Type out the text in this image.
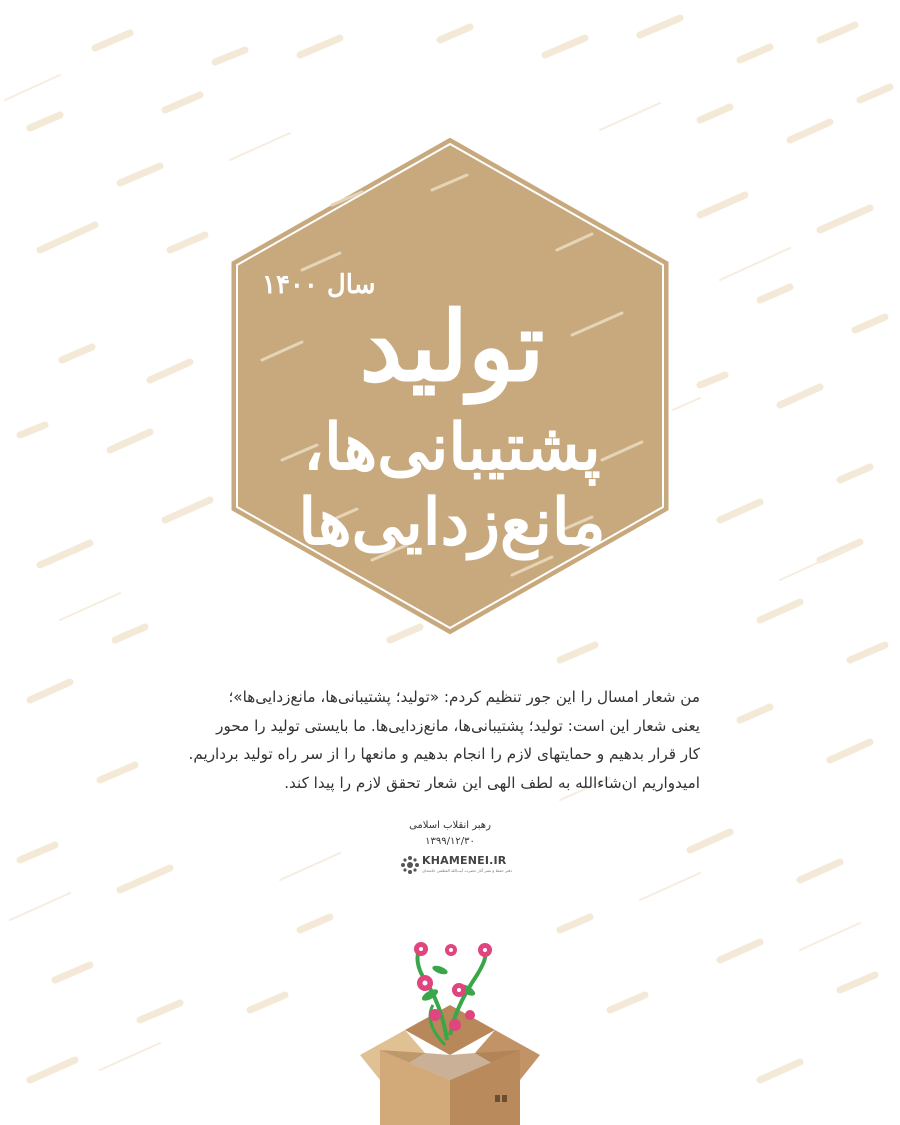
سال ۱۴۰۰
تولید
پشتیبانی‌ها، مانع‌زدایی‌ها

من شعار امسال را این جور تنظیم کردم: «تولید؛ پشتیبانی‌ها، مانع‌زدایی‌ها»؛

یعنی شعار این است: تولید؛ پشتیبانی‌ها، مانع‌زدایی‌ها. ما بایستی تولید را محور

کار قرار بدهیم و حمایتهای لازم را انجام بدهیم و مانعها را از سر راه تولید برداریم.

امیدواریم ان‌شاءالله به لطف الهی این شعار تحقق لازم را پیدا کند.

رهبر انقلاب اسلامی
۱۳۹۹/۱۲/۳۰
KHAMENEI.IR
دفتر حفظ و نشر آثار حضرت آیت‌الله العظمی خامنه‌ای
